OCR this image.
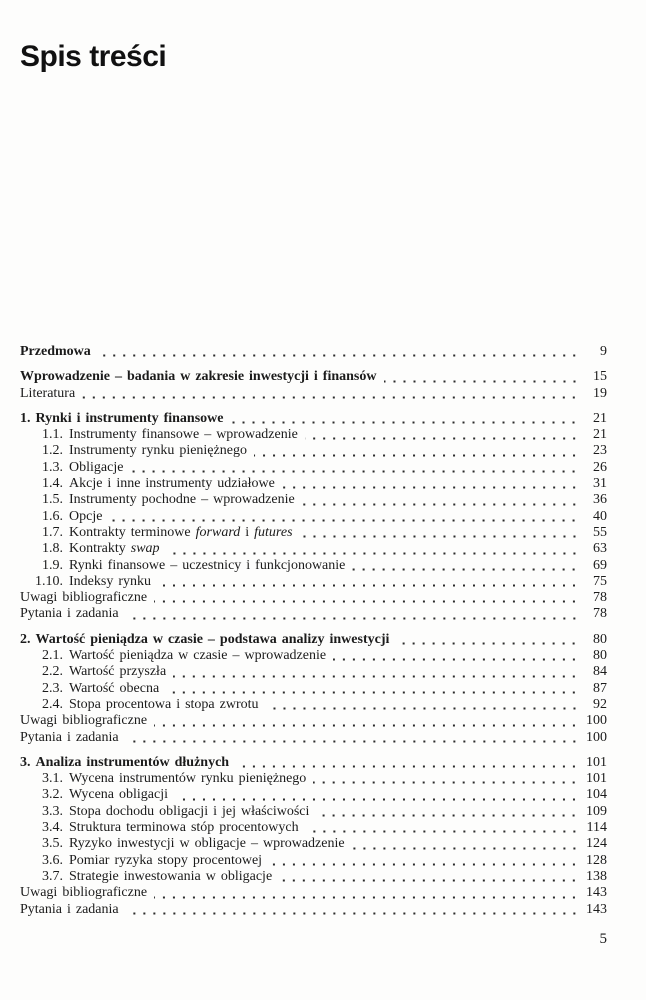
Spis treści
Przedmowa	9
Wprowadzenie – badania w zakresie inwestycji i finansów	15
Literatura	19
1. Rynki i instrumenty finansowe	21
1.1. Instrumenty finansowe – wprowadzenie	21
1.2. Instrumenty rynku pieniężnego	23
1.3. Obligacje	26
1.4. Akcje i inne instrumenty udziałowe	31
1.5. Instrumenty pochodne – wprowadzenie	36
1.6. Opcje	40
1.7. Kontrakty terminowe forward i futures	55
1.8. Kontrakty swap	63
1.9. Rynki finansowe – uczestnicy i funkcjonowanie	69
1.10. Indeksy rynku	75
Uwagi bibliograficzne	78
Pytania i zadania	78
2. Wartość pieniądza w czasie – podstawa analizy inwestycji	80
2.1. Wartość pieniądza w czasie – wprowadzenie	80
2.2. Wartość przyszła	84
2.3. Wartość obecna	87
2.4. Stopa procentowa i stopa zwrotu	92
Uwagi bibliograficzne	100
Pytania i zadania	100
3. Analiza instrumentów dłużnych	101
3.1. Wycena instrumentów rynku pieniężnego	101
3.2. Wycena obligacji	104
3.3. Stopa dochodu obligacji i jej właściwości	109
3.4. Struktura terminowa stóp procentowych	114
3.5. Ryzyko inwestycji w obligacje – wprowadzenie	124
3.6. Pomiar ryzyka stopy procentowej	128
3.7. Strategie inwestowania w obligacje	138
Uwagi bibliograficzne	143
Pytania i zadania	143
5
